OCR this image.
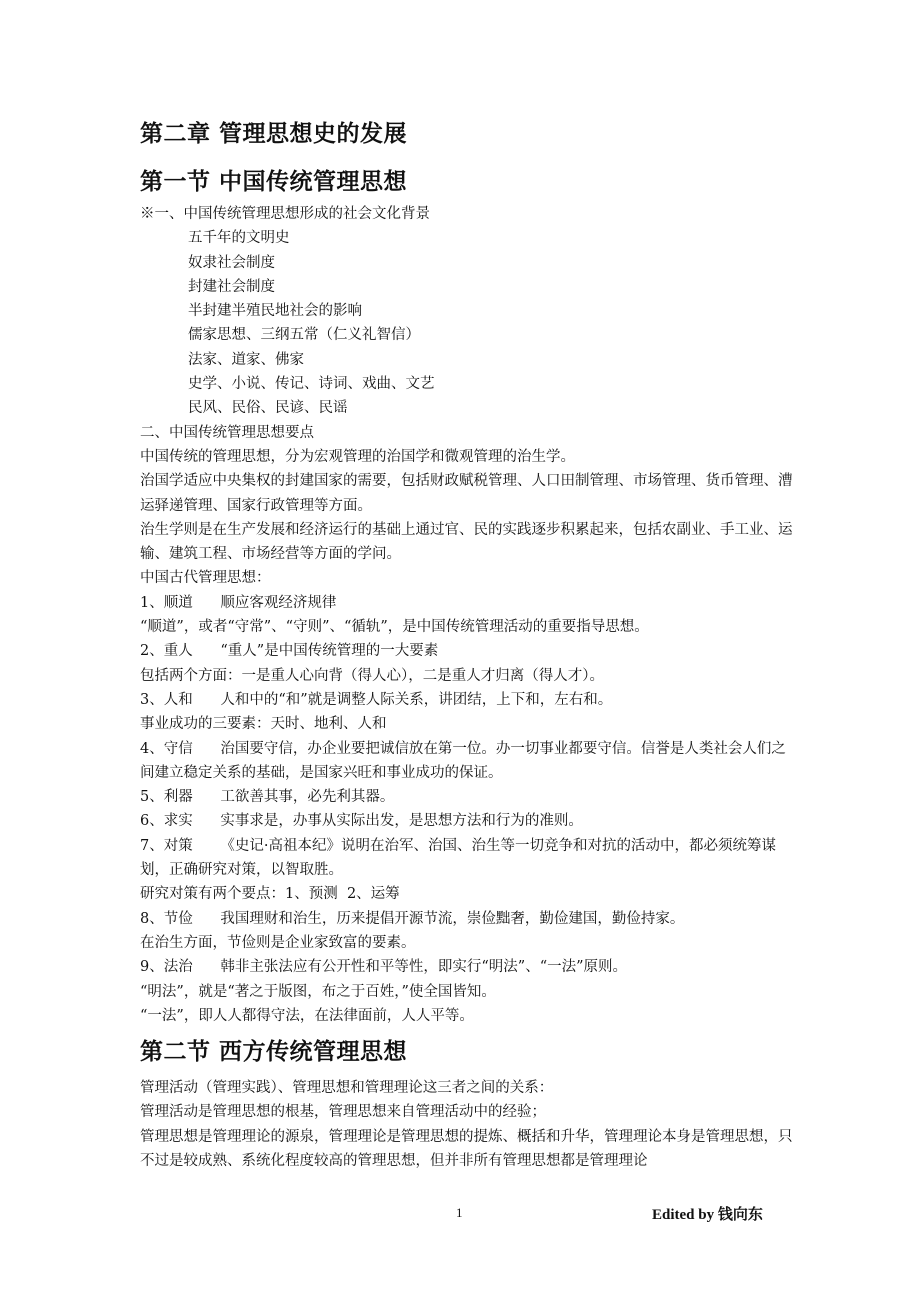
第二章 管理思想史的发展
第一节 中国传统管理思想

※一、中国传统管理思想形成的社会文化背景

五千年的文明史

奴隶社会制度

封建社会制度

半封建半殖民地社会的影响

儒家思想、三纲五常（仁义礼智信）

法家、道家、佛家

史学、小说、传记、诗词、戏曲、文艺

民风、民俗、民谚、民谣

二、中国传统管理思想要点

中国传统的管理思想，分为宏观管理的治国学和微观管理的治生学。

治国学适应中央集权的封建国家的需要，包括财政赋税管理、人口田制管理、市场管理、货币管理、漕运驿递管理、国家行政管理等方面。

治生学则是在生产发展和经济运行的基础上通过官、民的实践逐步积累起来，包括农副业、手工业、运输、建筑工程、市场经营等方面的学问。

中国古代管理思想：

1、顺道      顺应客观经济规律

“顺道”，或者“守常”、“守则”、“循轨”，是中国传统管理活动的重要指导思想。

2、重人      “重人”是中国传统管理的一大要素

包括两个方面：一是重人心向背（得人心），二是重人才归离（得人才）。

3、人和      人和中的“和”就是调整人际关系，讲团结，上下和，左右和。

事业成功的三要素：天时、地利、人和

4、守信      治国要守信，办企业要把诚信放在第一位。办一切事业都要守信。信誉是人类社会人们之间建立稳定关系的基础，是国家兴旺和事业成功的保证。

5、利器      工欲善其事，必先利其器。

6、求实      实事求是，办事从实际出发，是思想方法和行为的准则。

7、对策      《史记·高祖本纪》说明在治军、治国、治生等一切竞争和对抗的活动中，都必须统筹谋划，正确研究对策，以智取胜。

研究对策有两个要点：1、预测  2、运筹

8、节俭      我国理财和治生，历来提倡开源节流，崇俭黜奢，勤俭建国，勤俭持家。

在治生方面，节俭则是企业家致富的要素。

9、法治      韩非主张法应有公开性和平等性，即实行“明法”、“一法”原则。

“明法”，就是“著之于版图，布之于百姓，”使全国皆知。

“一法”，即人人都得守法，在法律面前，人人平等。

第二节 西方传统管理思想

管理活动（管理实践）、管理思想和管理理论这三者之间的关系：

管理活动是管理思想的根基，管理思想来自管理活动中的经验；

管理思想是管理理论的源泉，管理理论是管理思想的提炼、概括和升华，管理理论本身是管理思想，只不过是较成熟、系统化程度较高的管理思想，但并非所有管理思想都是管理理论

1	Edited by 钱向东
